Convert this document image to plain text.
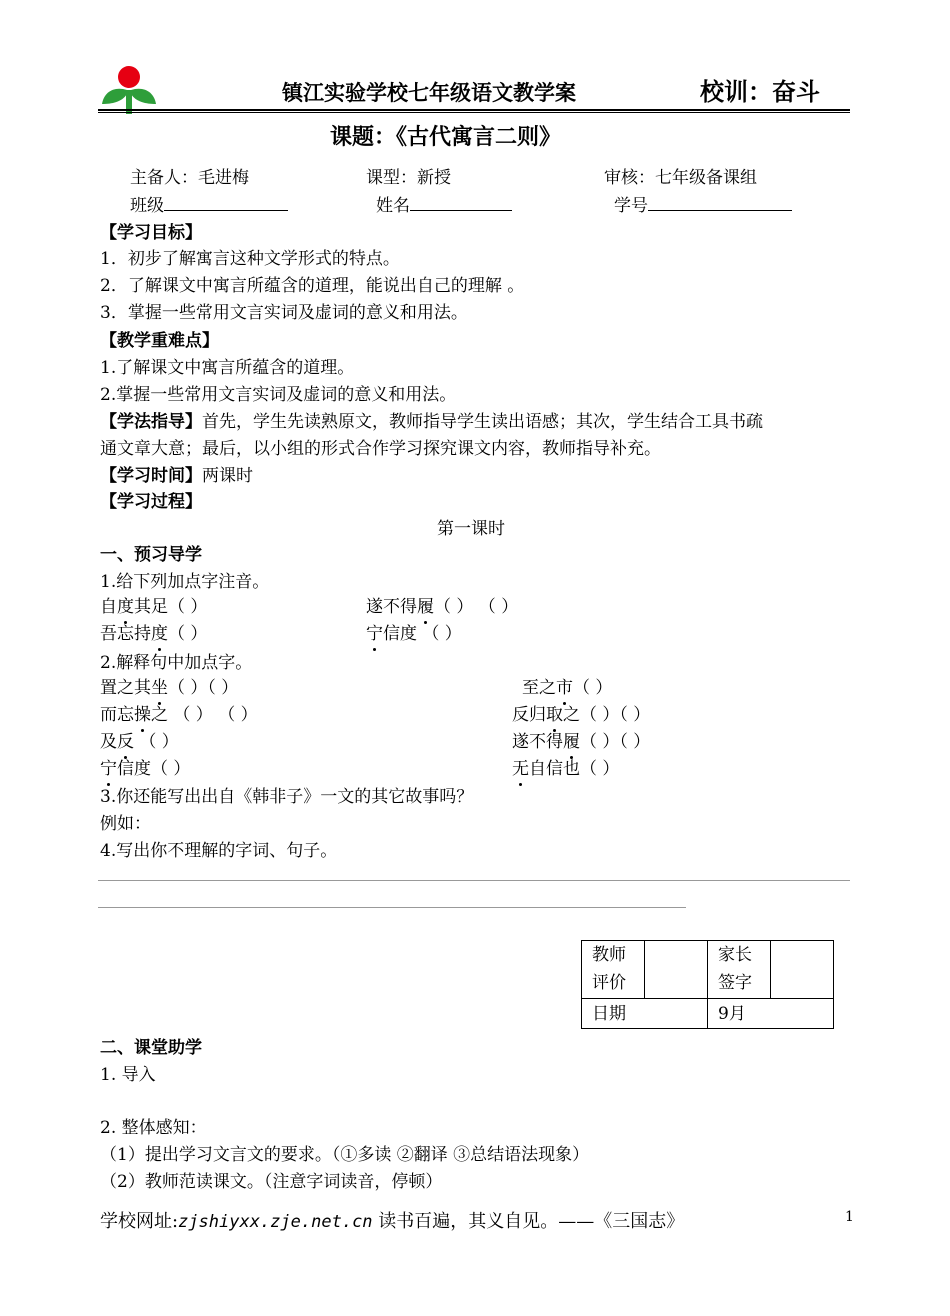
镇江实验学校七年级语文教学案	校训：奋斗
课题：《古代寓言二则》
主备人：毛进梅	课型：新授	审核：七年级备课组
班级	姓名	学号
【学习目标】
1．初步了解寓言这种文学形式的特点。
2．了解课文中寓言所蕴含的道理，能说出自己的理解 。
3．掌握一些常用文言实词及虚词的意义和用法。
【教学重难点】
1.了解课文中寓言所蕴含的道理。
2.掌握一些常用文言实词及虚词的意义和用法。
【学法指导】首先，学生先读熟原文，教师指导学生读出语感；其次，学生结合工具书疏
通文章大意；最后，以小组的形式合作学习探究课文内容，教师指导补充。
【学习时间】两课时
【学习过程】
第一课时
一、预习导学
1.给下列加点字注音。
自度其足（ ）	遂不得履（ ） （ ）
吾忘持度（ ）	宁信度 （ ）
2.解释句中加点字。
置之其坐（ ）（ ）	至之市（ ）
而忘操之 （ ） （ ）	反归取之（ ）（ ）
及反 （ ）	遂不得履（ ）（ ）
宁信度（ ）	无自信也（ ）
3.你还能写出出自《韩非子》一文的其它故事吗？
例如：
4.写出你不理解的字词、句子。
教师评价		家长签字	
日期		9月	
二、课堂助学
1. 导入
2. 整体感知：
（1）提出学习文言文的要求。（①多读 ②翻译 ③总结语法现象）
（2）教师范读课文。（注意字词读音，停顿）
学校网址:zjshiyxx.zje.net.cn 读书百遍，其义自见。——《三国志》	1
